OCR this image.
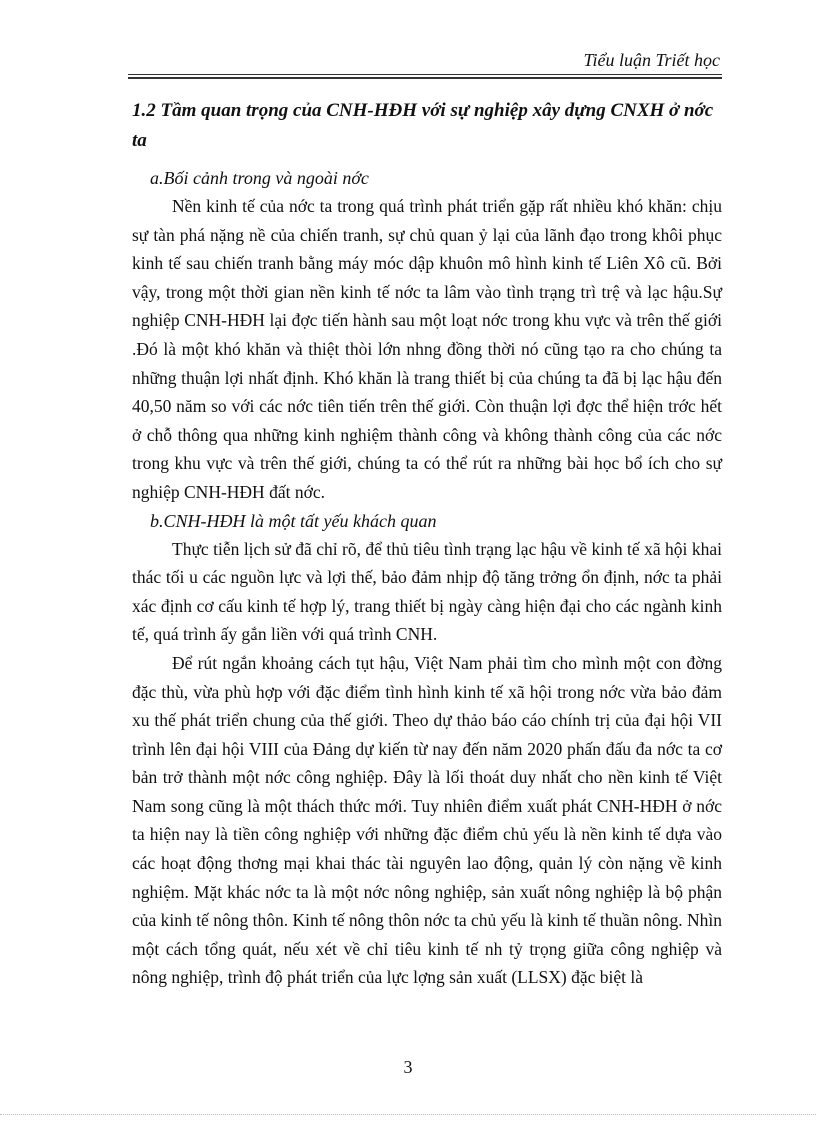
Tiểu luận Triết học

1.2 Tầm quan trọng của CNH-HĐH với sự nghiệp xây dựng CNXH ở nớc ta

a.Bối cảnh trong và ngoài nớc

Nền kinh tế của nớc ta trong quá trình phát triển gặp rất nhiều khó khăn: chịu sự tàn phá nặng nề của chiến tranh, sự chủ quan ỷ lại của lãnh đạo trong khôi phục kinh tế sau chiến tranh bằng máy móc dập khuôn mô hình kinh tế Liên Xô cũ. Bởi vậy, trong một thời gian nền kinh tế nớc ta lâm vào tình trạng trì trệ và lạc hậu.Sự nghiệp CNH-HĐH lại đợc tiến hành sau một loạt nớc trong khu vực và trên thế giới .Đó là một khó khăn và thiệt thòi lớn nhng đồng thời nó cũng tạo ra cho chúng ta những thuận lợi nhất định. Khó khăn là trang thiết bị của chúng ta đã bị lạc hậu đến 40,50 năm so với các nớc tiên tiến trên thế giới. Còn thuận lợi đợc thể hiện trớc hết ở chỗ thông qua những kinh nghiệm thành công và không thành công của các nớc trong khu vực và trên thế giới, chúng ta có thể rút ra những bài học bổ ích cho sự nghiệp CNH-HĐH đất nớc.

b.CNH-HĐH là một tất yếu khách quan

Thực tiễn lịch sử đã chỉ rõ, để thủ tiêu tình trạng lạc hậu về kinh tế xã hội khai thác tối u các nguồn lực và lợi thế, bảo đảm nhịp độ tăng trởng ổn định, nớc ta phải xác định cơ cấu kinh tế hợp lý, trang thiết bị ngày càng hiện đại cho các ngành kinh tế, quá trình ấy gắn liền với quá trình CNH.

Để rút ngắn khoảng cách tụt hậu, Việt Nam phải tìm cho mình một con đờng đặc thù, vừa phù hợp với đặc điểm tình hình kinh tế xã hội trong nớc vừa bảo đảm xu thế phát triển chung của thế giới. Theo dự thảo báo cáo chính trị của đại hội VII trình lên đại hội VIII của Đảng dự kiến từ nay đến năm 2020 phấn đấu đa nớc ta cơ bản trở thành một nớc công nghiệp. Đây là lối thoát duy nhất cho nền kinh tế Việt Nam song cũng là một thách thức mới. Tuy nhiên điểm xuất phát CNH-HĐH ở nớc ta hiện nay là tiền công nghiệp với những đặc điểm chủ yếu là nền kinh tế dựa vào các hoạt động thơng mại khai thác tài nguyên lao động, quản lý còn nặng về kinh nghiệm. Mặt khác nớc ta là một nớc nông nghiệp, sản xuất nông nghiệp là bộ phận của kinh tế nông thôn. Kinh tế nông thôn nớc ta chủ yếu là kinh tế thuần nông. Nhìn một cách tổng quát, nếu xét về chỉ tiêu kinh tế nh tỷ trọng giữa công nghiệp và nông nghiệp, trình độ phát triển của lực lợng sản xuất (LLSX) đặc biệt là

3
